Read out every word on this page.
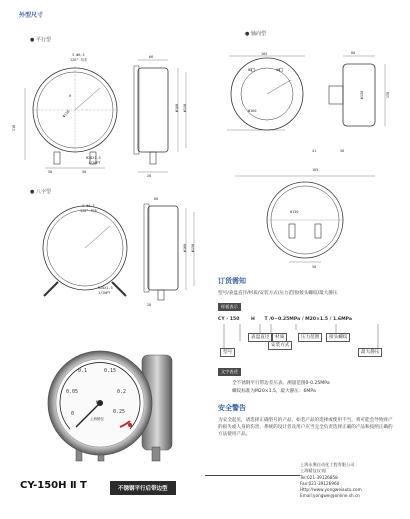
外型尺寸
● 平行型
3-Φ6.5
120° 均布
Φ150
H
118
50	50
M20X1.5
1/2NPT
66
Φ160 Φ150
28
● 轴向型
165
Φ5	Φ6
Φ160
80
Φ150	158
41	56
● 八字型
3-Φ6.5
120° 均布
M20X1.5
1/2NPT
66
Φ160 Φ150
28
165
Φ150
50
订货需知
型号/表盘直径/材质/安装方式/压力范围/接头螺纹/最大静压
样板表示
CY - 150	H T /0~0.25MPa / M20×1.5 / 1.6MPa
表盘直径	材质	压力范围	接头螺纹
安装方式
型号	最大静压
文字表述
全不锈钢平行带边差压表。测量范围0-0.25MPa
螺纹标准为M20×1.5，最大静压：6MPa
安全警告
为安全起见，请选择正确型号的产品，如若产品的选择或使用不当，将可能会导致财产的损失或人身的伤害，系统的设计者及用户应当完全负责选择正确的产品和按照正确的方法使用产品。
0
0.05
0.1	0.15
0.2
0.25
MPa
上海精仪
CY-150H Ⅱ T	不锈钢平行后带边型
上海永聚自动化工程有限公司
上海精仪仪表厂
Tel:021-39126858
Fax:021-39126960
Http://www.yongweiauto.com
Email:yongwei@online.sh.cn
